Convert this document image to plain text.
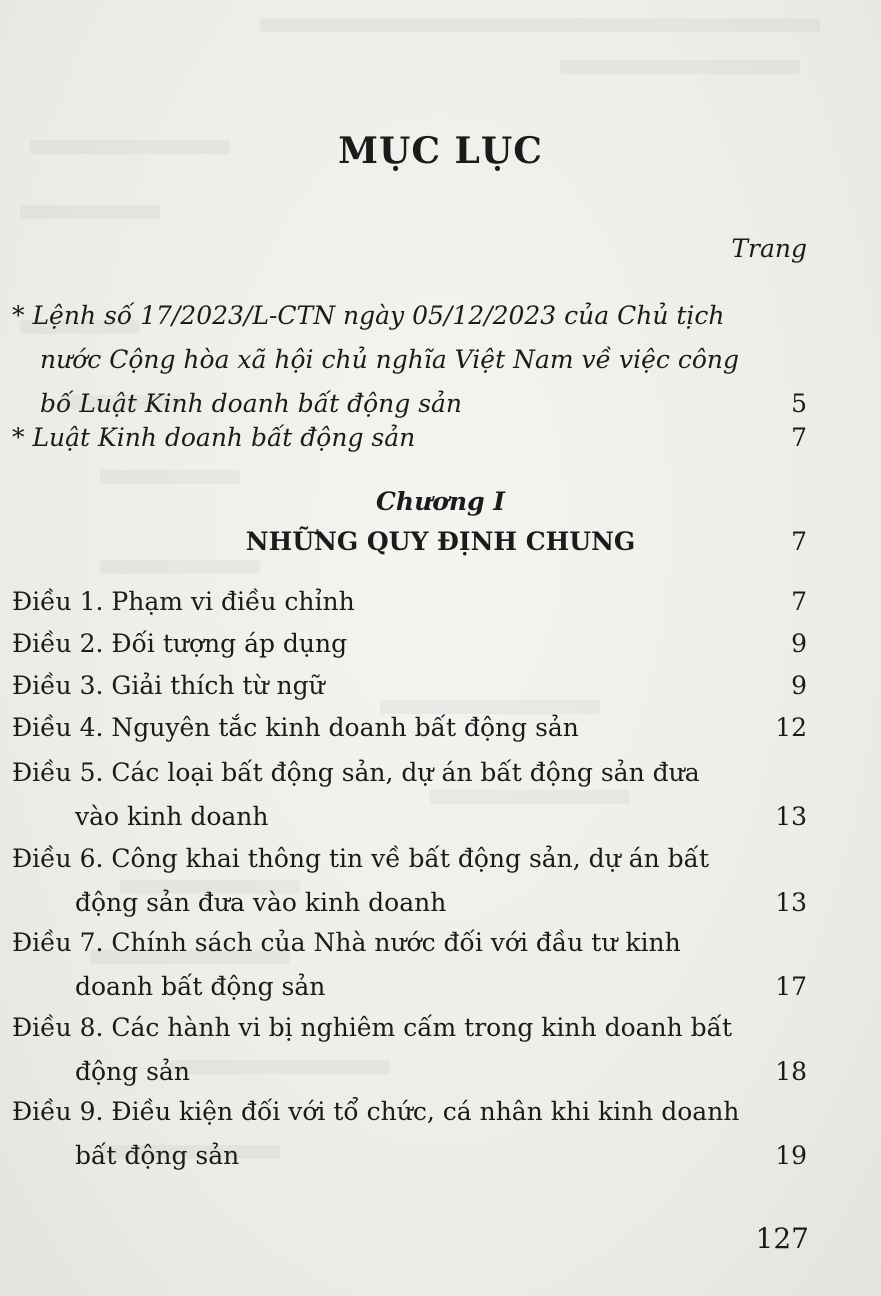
MỤC LỤC
Trang
* Lệnh số 17/2023/L-CTN ngày 05/12/2023 của Chủ tịch nước Cộng hòa xã hội chủ nghĩa Việt Nam về việc công bố Luật Kinh doanh bất động sản	5
* Luật Kinh doanh bất động sản	7
Chương I
NHỮNG QUY ĐỊNH CHUNG	7
Điều 1. Phạm vi điều chỉnh	7
Điều 2. Đối tượng áp dụng	9
Điều 3. Giải thích từ ngữ	9
Điều 4. Nguyên tắc kinh doanh bất động sản	12
Điều 5. Các loại bất động sản, dự án bất động sản đưa vào kinh doanh	13
Điều 6. Công khai thông tin về bất động sản, dự án bất động sản đưa vào kinh doanh	13
Điều 7. Chính sách của Nhà nước đối với đầu tư kinh doanh bất động sản	17
Điều 8. Các hành vi bị nghiêm cấm trong kinh doanh bất động sản	18
Điều 9. Điều kiện đối với tổ chức, cá nhân khi kinh doanh bất động sản	19
127
